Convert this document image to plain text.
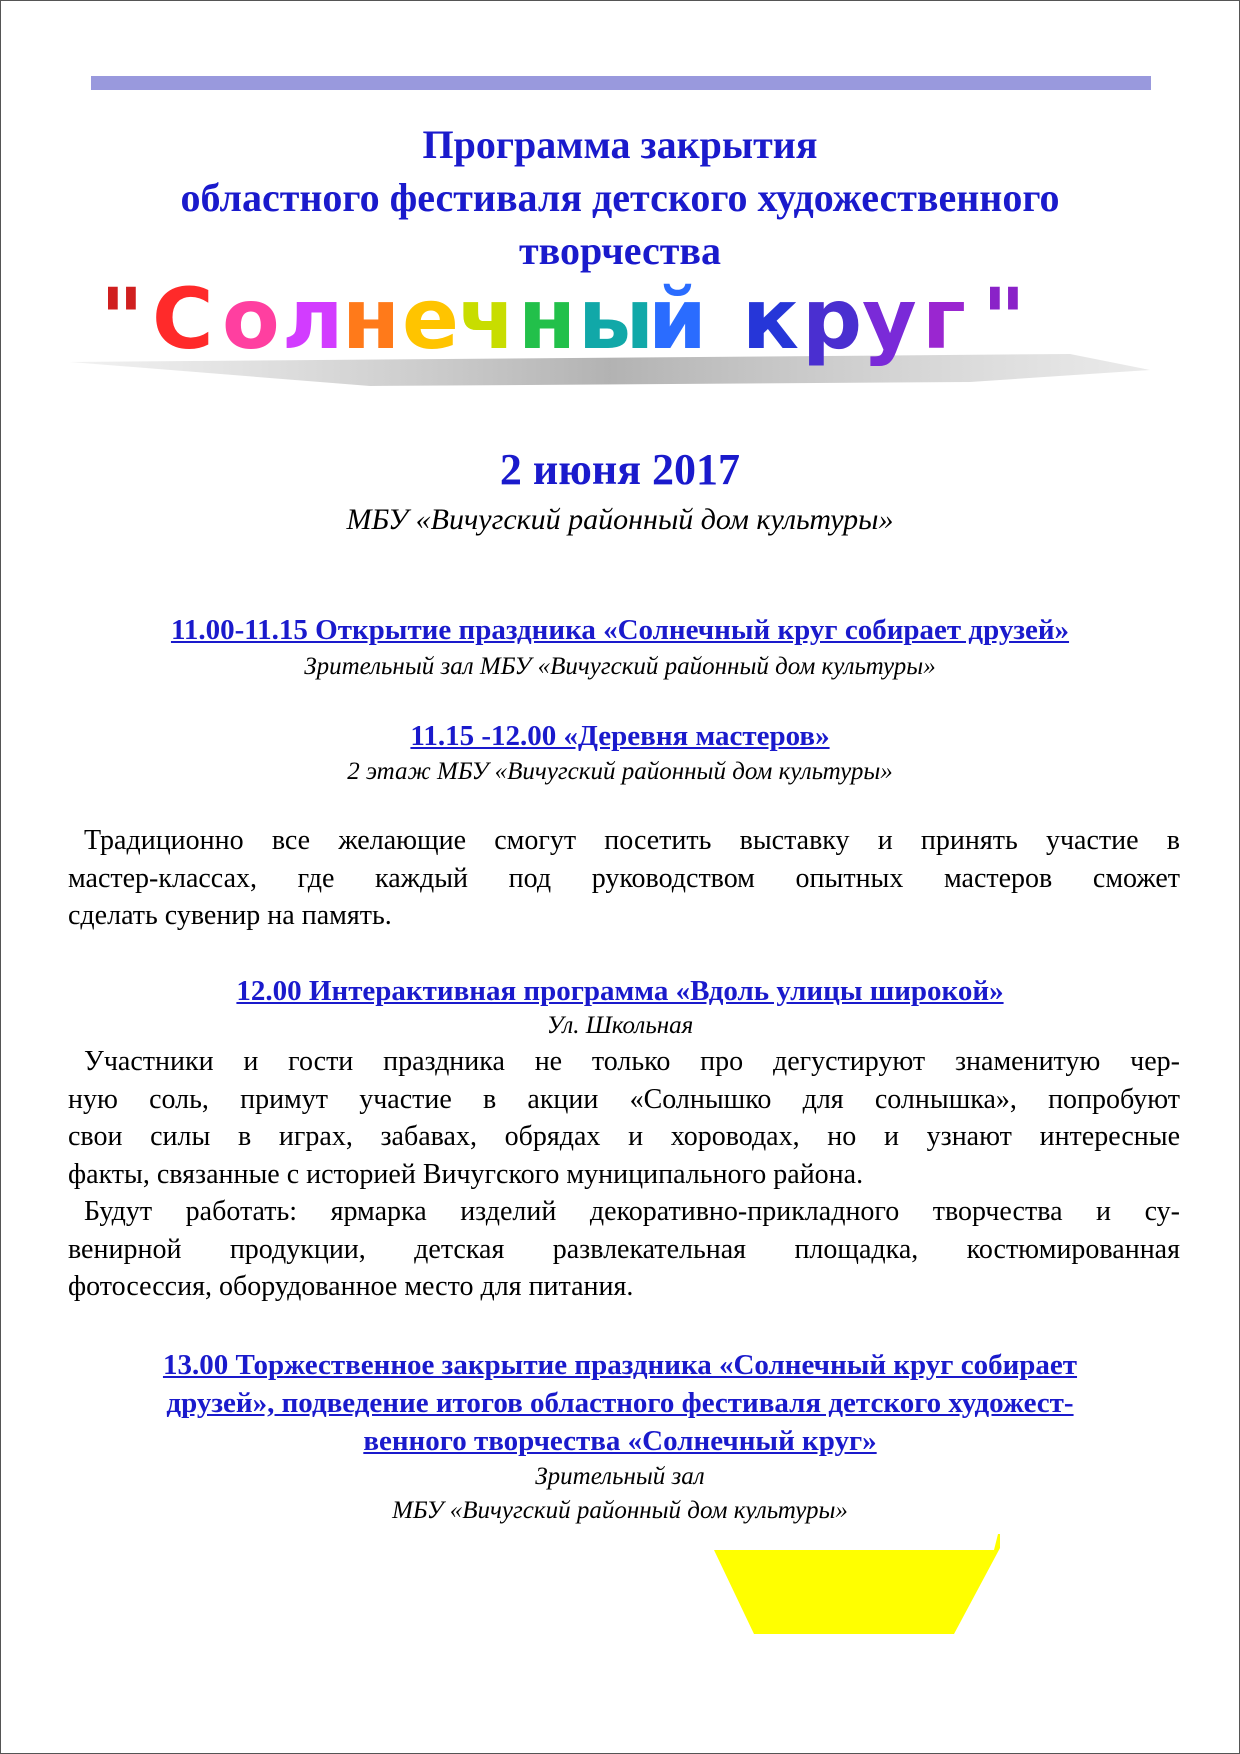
Программа закрытия
областного фестиваля детского художественного
творчества
" С о л
н е ч н ы
й к р у г "
2 июня 2017
МБУ «Вичугский районный дом культуры»
11.00-11.15 Открытие праздника «Солнечный круг собирает друзей»
Зрительный зал МБУ «Вичугский районный дом культуры»
11.15 -12.00 «Деревня мастеров»
2 этаж МБУ «Вичугский районный дом культуры»
Традиционно все желающие смогут посетить выставку и принять участие в
мастер-классах, где каждый под руководством опытных мастеров сможет
сделать сувенир на память.
12.00 Интерактивная программа «Вдоль улицы широкой»
Ул. Школьная
Участники и гости праздника не только про дегустируют знаменитую чер-
ную соль, примут участие в акции «Солнышко для солнышка», попробуют
свои силы в играх, забавах, обрядах и хороводах, но и узнают интересные
факты, связанные с историей Вичугского муниципального района.
Будут работать: ярмарка изделий декоративно-прикладного творчества и су-
венирной продукции, детская развлекательная площадка, костюмированная
фотосессия, оборудованное место для питания.
13.00 Торжественное закрытие праздника «Солнечный круг собирает
друзей», подведение итогов областного фестиваля детского художест-
венного творчества «Солнечный круг»
Зрительный зал
МБУ «Вичугский районный дом культуры»
